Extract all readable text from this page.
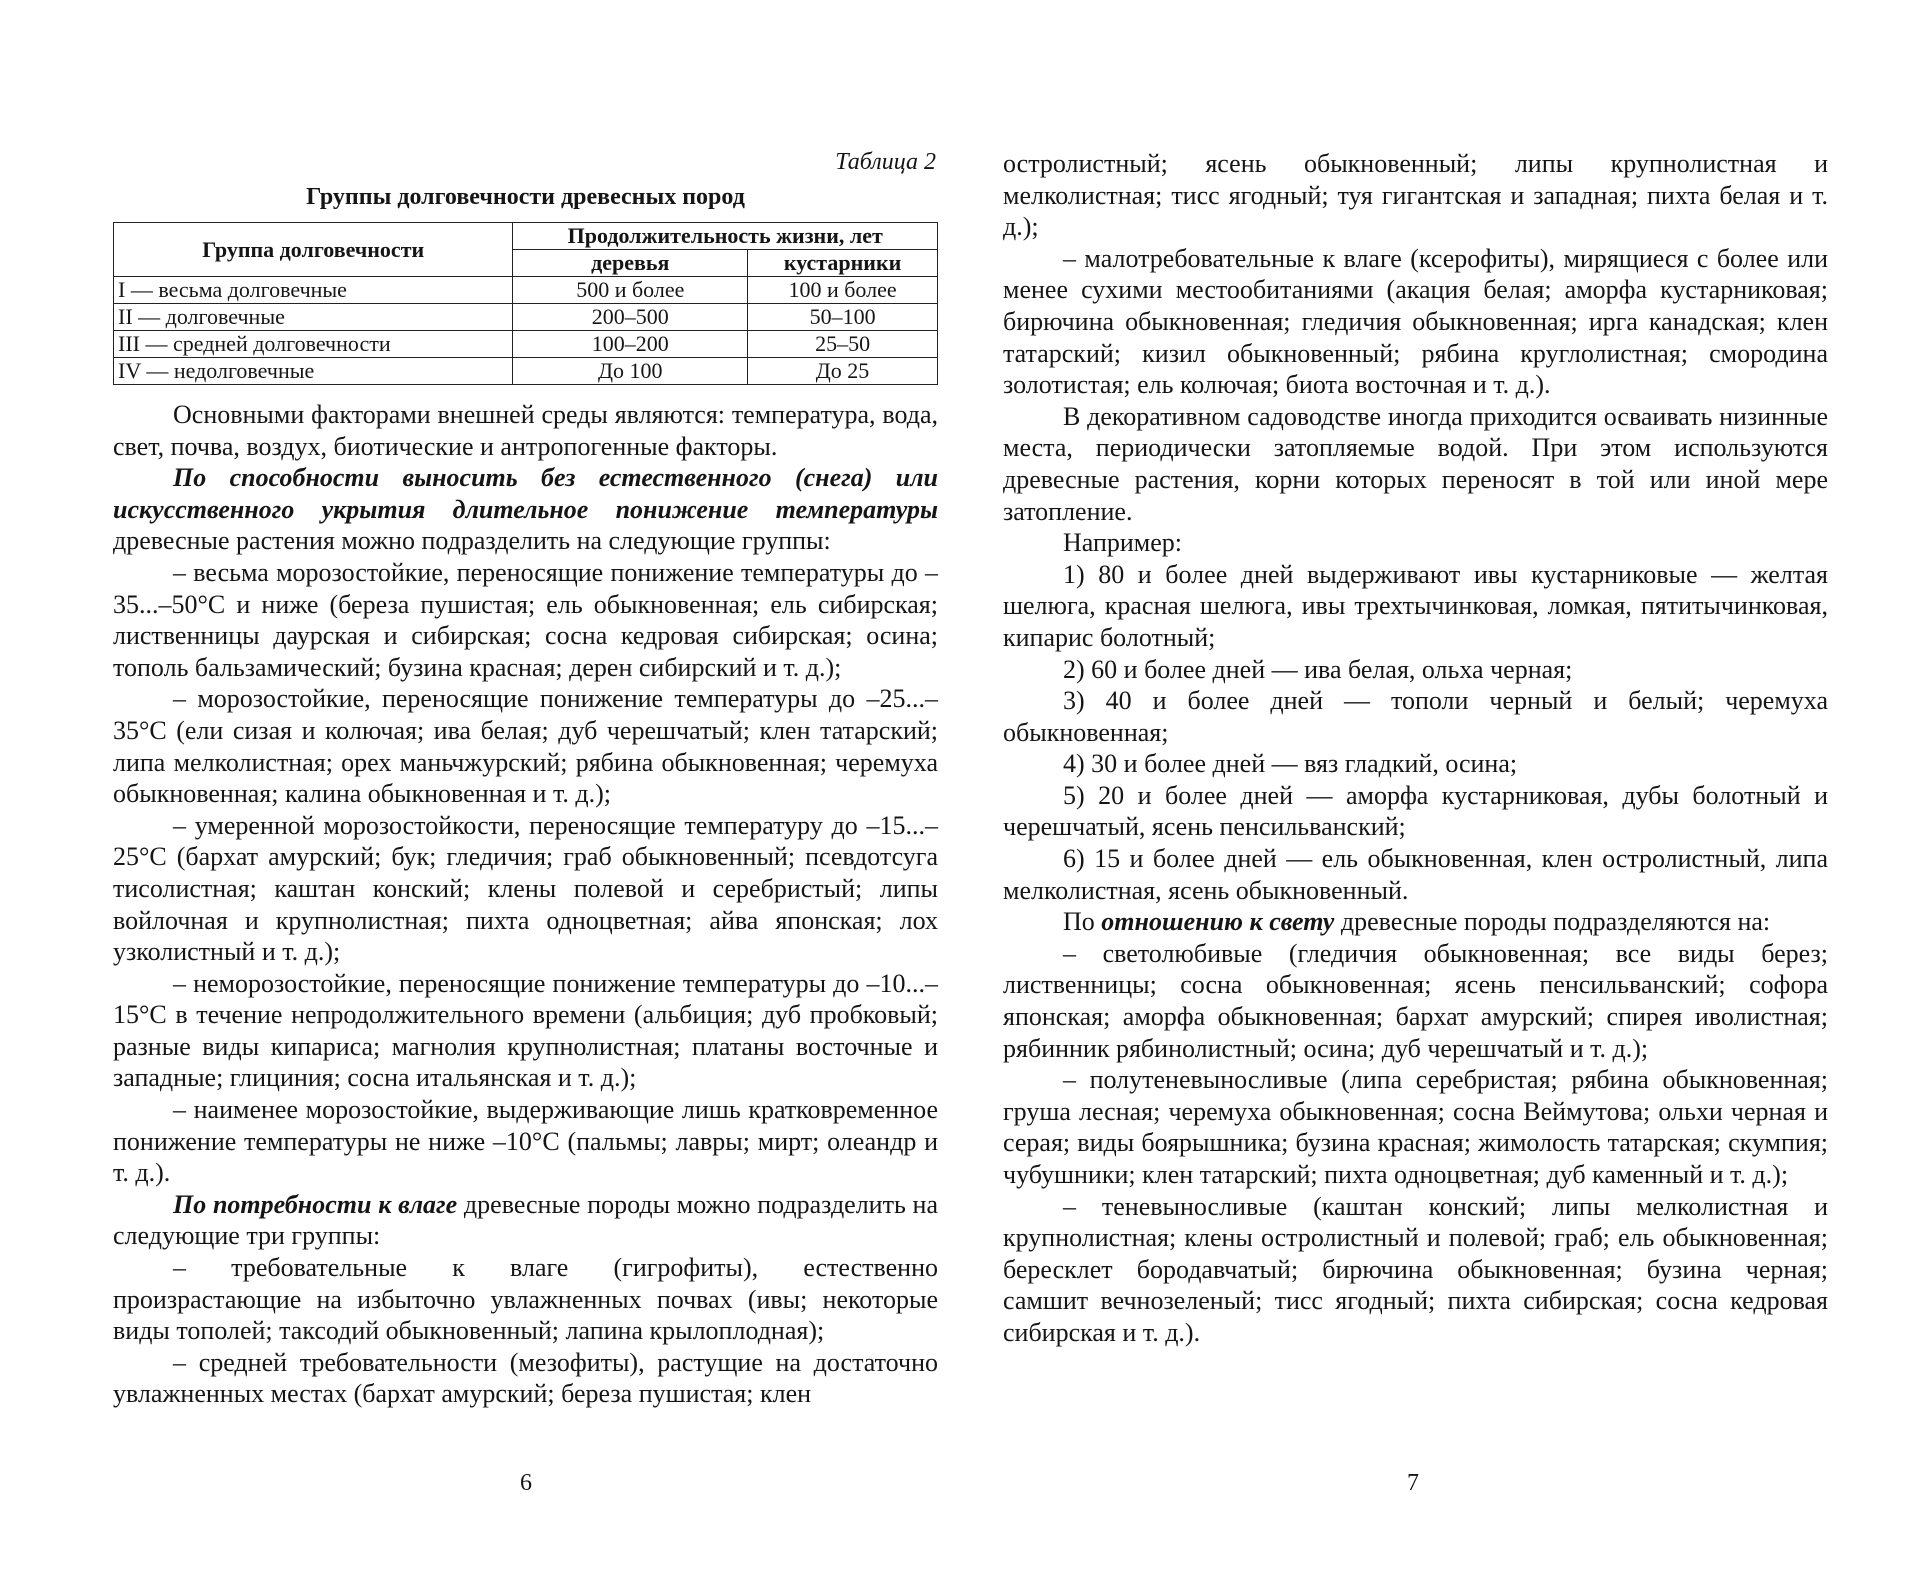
Таблица 2
Группы долговечности древесных пород
Группа долговечности	Продолжительность жизни, лет	
	деревья	кустарники
I — весьма долговечные	500 и более	100 и более
II — долговечные	200–500	50–100
III — средней долговечности	100–200	25–50
IV — недолговечные	До 100	До 25

Основными факторами внешней среды являются: температура, вода, свет, почва, воздух, биотические и антропогенные факторы.

По способности выносить без естественного (снега) или искусственного укрытия длительное понижение температуры древесные растения можно подразделить на следующие группы:

– весьма морозостойкие, переносящие понижение температуры до –35...–50°С и ниже (береза пушистая; ель обыкновенная; ель сибирская; лиственницы даурская и сибирская; сосна кедровая сибирская; осина; тополь бальзамический; бузина красная; дерен сибирский и т. д.);

– морозостойкие, переносящие понижение температуры до –25...–35°С (ели сизая и колючая; ива белая; дуб черешчатый; клен татарский; липа мелколистная; орех маньчжурский; рябина обыкновенная; черемуха обыкновенная; калина обыкновенная и т. д.);

– умеренной морозостойкости, переносящие температуру до –15...–25°С (бархат амурский; бук; гледичия; граб обыкновенный; псевдотсуга тисолистная; каштан конский; клены полевой и серебристый; липы войлочная и крупнолистная; пихта одноцветная; айва японская; лох узколистный и т. д.);

– неморозостойкие, переносящие понижение температуры до –10...–15°С в течение непродолжительного времени (альбиция; дуб пробковый; разные виды кипариса; магнолия крупнолистная; платаны восточные и западные; глициния; сосна итальянская и т. д.);

– наименее морозостойкие, выдерживающие лишь кратковременное понижение температуры не ниже –10°С (пальмы; лавры; мирт; олеандр и т. д.).

По потребности к влаге древесные породы можно подразделить на следующие три группы:

– требовательные к влаге (гигрофиты), естественно произрастающие на избыточно увлажненных почвах (ивы; некоторые виды тополей; таксодий обыкновенный; лапина крылоплодная);

– средней требовательности (мезофиты), растущие на достаточно увлажненных местах (бархат амурский; береза пушистая; клен

6

остролистный; ясень обыкновенный; липы крупнолистная и мелколистная; тисс ягодный; туя гигантская и западная; пихта белая и т. д.);

– малотребовательные к влаге (ксерофиты), мирящиеся с более или менее сухими местообитаниями (акация белая; аморфа кустарниковая; бирючина обыкновенная; гледичия обыкновенная; ирга канадская; клен татарский; кизил обыкновенный; рябина круглолистная; смородина золотистая; ель колючая; биота восточная и т. д.).

В декоративном садоводстве иногда приходится осваивать низинные места, периодически затопляемые водой. При этом используются древесные растения, корни которых переносят в той или иной мере затопление.

Например:

1) 80 и более дней выдерживают ивы кустарниковые — желтая шелюга, красная шелюга, ивы трехтычинковая, ломкая, пятитычинковая, кипарис болотный;

2) 60 и более дней — ива белая, ольха черная;

3) 40 и более дней — тополи черный и белый; черемуха обыкновенная;

4) 30 и более дней — вяз гладкий, осина;

5) 20 и более дней — аморфа кустарниковая, дубы болотный и черешчатый, ясень пенсильванский;

6) 15 и более дней — ель обыкновенная, клен остролистный, липа мелколистная, ясень обыкновенный.

По отношению к свету древесные породы подразделяются на:

– светолюбивые (гледичия обыкновенная; все виды берез; лиственницы; сосна обыкновенная; ясень пенсильванский; софора японская; аморфа обыкновенная; бархат амурский; спирея иволистная; рябинник рябинолистный; осина; дуб черешчатый и т. д.);

– полутеневыносливые (липа серебристая; рябина обыкновенная; груша лесная; черемуха обыкновенная; сосна Веймутова; ольхи черная и серая; виды боярышника; бузина красная; жимолость татарская; скумпия; чубушники; клен татарский; пихта одноцветная; дуб каменный и т. д.);

– теневыносливые (каштан конский; липы мелколистная и крупнолистная; клены остролистный и полевой; граб; ель обыкновенная; бересклет бородавчатый; бирючина обыкновенная; бузина черная; самшит вечнозеленый; тисс ягодный; пихта сибирская; сосна кедровая сибирская и т. д.).

7
